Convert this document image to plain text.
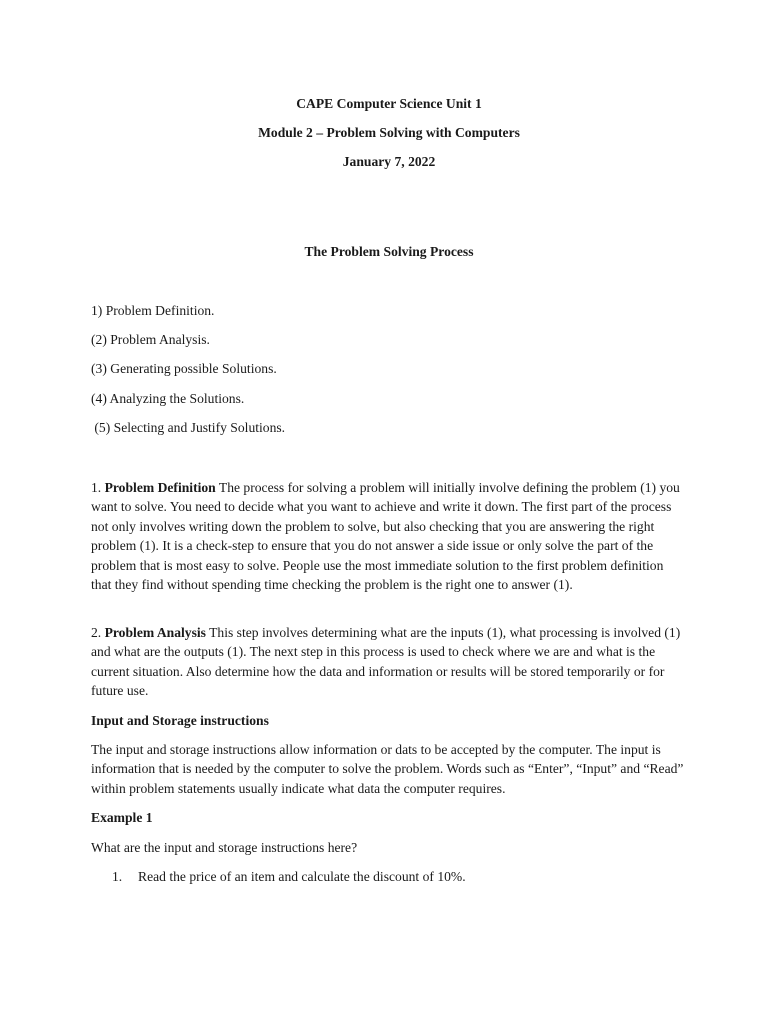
CAPE Computer Science Unit 1
Module 2 – Problem Solving with Computers
January 7, 2022
The Problem Solving Process
1) Problem Definition.
(2) Problem Analysis.
(3) Generating possible Solutions.
(4) Analyzing the Solutions.
(5) Selecting and Justify Solutions.
1. Problem Definition The process for solving a problem will initially involve defining the problem (1) you want to solve. You need to decide what you want to achieve and write it down. The first part of the process not only involves writing down the problem to solve, but also checking that you are answering the right problem (1). It is a check-step to ensure that you do not answer a side issue or only solve the part of the problem that is most easy to solve. People use the most immediate solution to the first problem definition that they find without spending time checking the problem is the right one to answer (1).
2. Problem Analysis This step involves determining what are the inputs (1), what processing is involved (1) and what are the outputs (1). The next step in this process is used to check where we are and what is the current situation. Also determine how the data and information or results will be stored temporarily or for future use.
Input and Storage instructions
The input and storage instructions allow information or dats to be accepted by the computer. The input is information that is needed by the computer to solve the problem. Words such as “Enter”, “Input” and “Read” within problem statements usually indicate what data the computer requires.
Example 1
What are the input and storage instructions here?
1. Read the price of an item and calculate the discount of 10%.
